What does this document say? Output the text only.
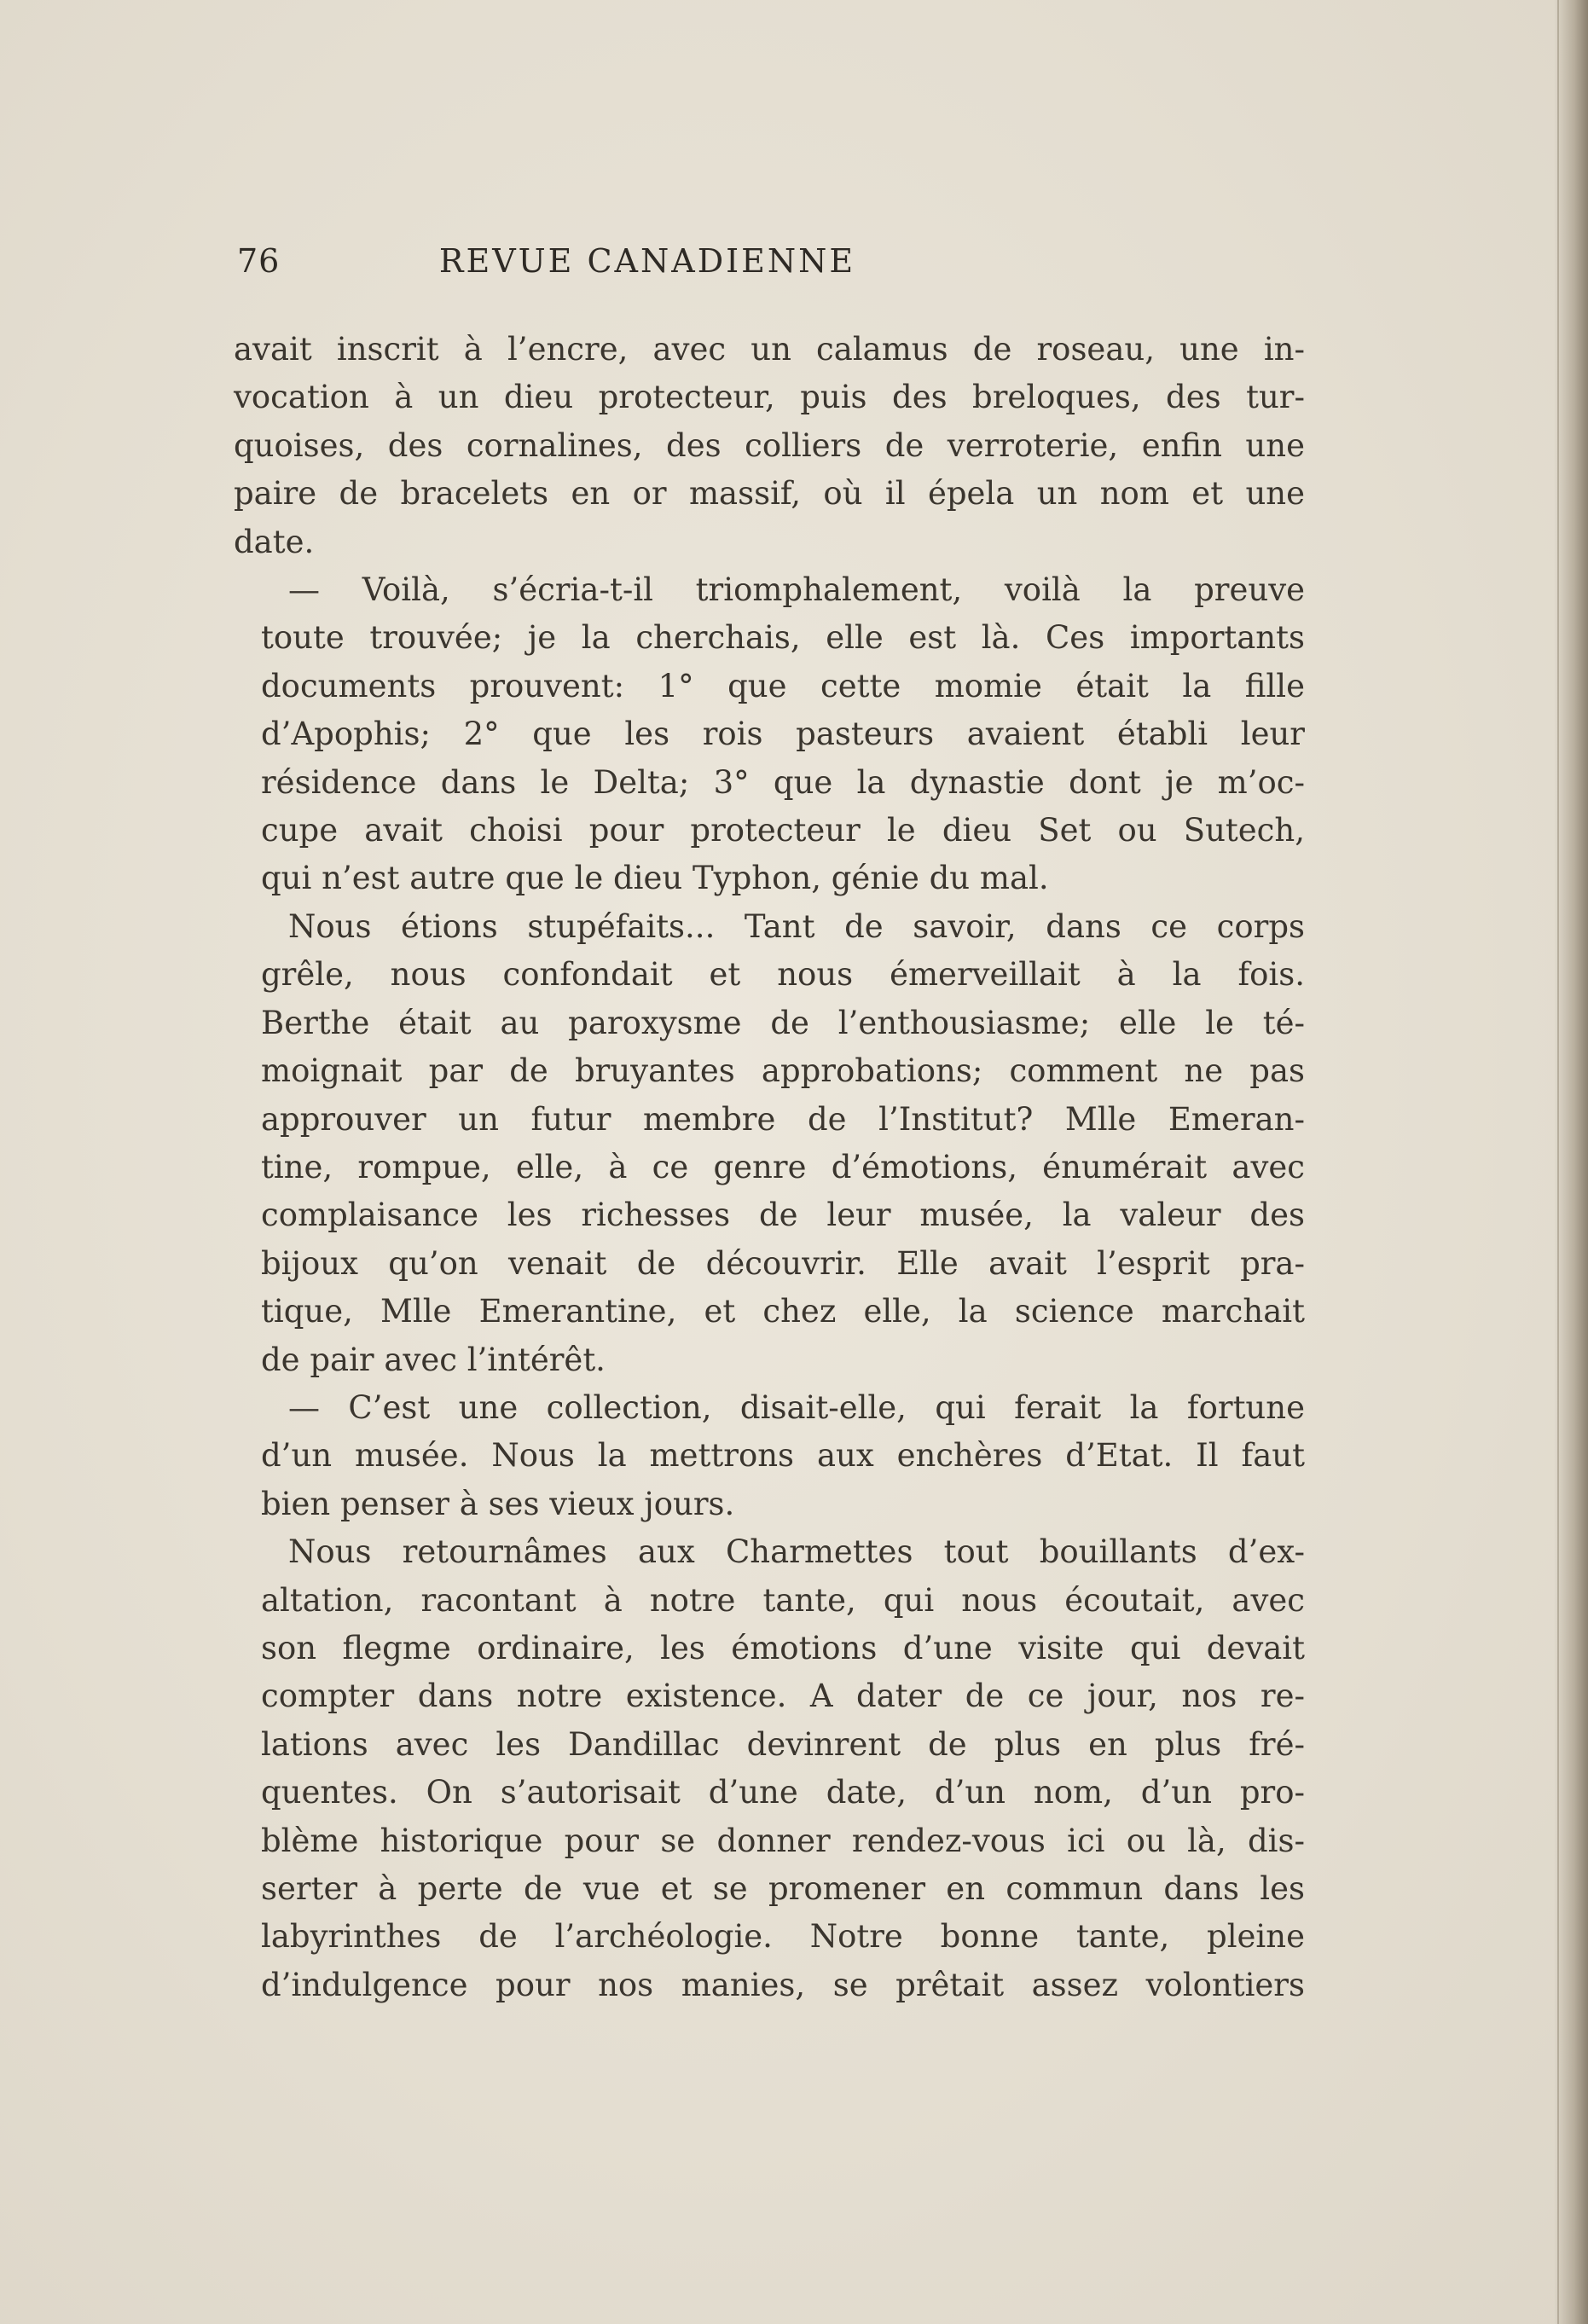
76	REVUE CANADIENNE

avait inscrit à l’encre, avec un calamus de roseau, une in-
vocation à un dieu protecteur, puis des breloques, des tur-
quoises, des cornalines, des colliers de verroterie, enfin une
paire de bracelets en or massif, où il épela un nom et une
date.

— Voilà, s’écria-t-il triomphalement, voilà la preuve
toute trouvée; je la cherchais, elle est là. Ces importants
documents prouvent: 1° que cette momie était la fille
d’Apophis; 2° que les rois pasteurs avaient établi leur
résidence dans le Delta; 3° que la dynastie dont je m’oc-
cupe avait choisi pour protecteur le dieu Set ou Sutech,
qui n’est autre que le dieu Typhon, génie du mal.

Nous étions stupéfaits... Tant de savoir, dans ce corps
grêle, nous confondait et nous émerveillait à la fois.
Berthe était au paroxysme de l’enthousiasme; elle le té-
moignait par de bruyantes approbations; comment ne pas
approuver un futur membre de l’Institut? Mlle Emeran-
tine, rompue, elle, à ce genre d’émotions, énumérait avec
complaisance les richesses de leur musée, la valeur des
bijoux qu’on venait de découvrir. Elle avait l’esprit pra-
tique, Mlle Emerantine, et chez elle, la science marchait
de pair avec l’intérêt.

— C’est une collection, disait-elle, qui ferait la fortune
d’un musée. Nous la mettrons aux enchères d’Etat. Il faut
bien penser à ses vieux jours.

Nous retournâmes aux Charmettes tout bouillants d’ex-
altation, racontant à notre tante, qui nous écoutait, avec
son flegme ordinaire, les émotions d’une visite qui devait
compter dans notre existence. A dater de ce jour, nos re-
lations avec les Dandillac devinrent de plus en plus fré-
quentes. On s’autorisait d’une date, d’un nom, d’un pro-
blème historique pour se donner rendez-vous ici ou là, dis-
serter à perte de vue et se promener en commun dans les
labyrinthes de l’archéologie. Notre bonne tante, pleine
d’indulgence pour nos manies, se prêtait assez volontiers
